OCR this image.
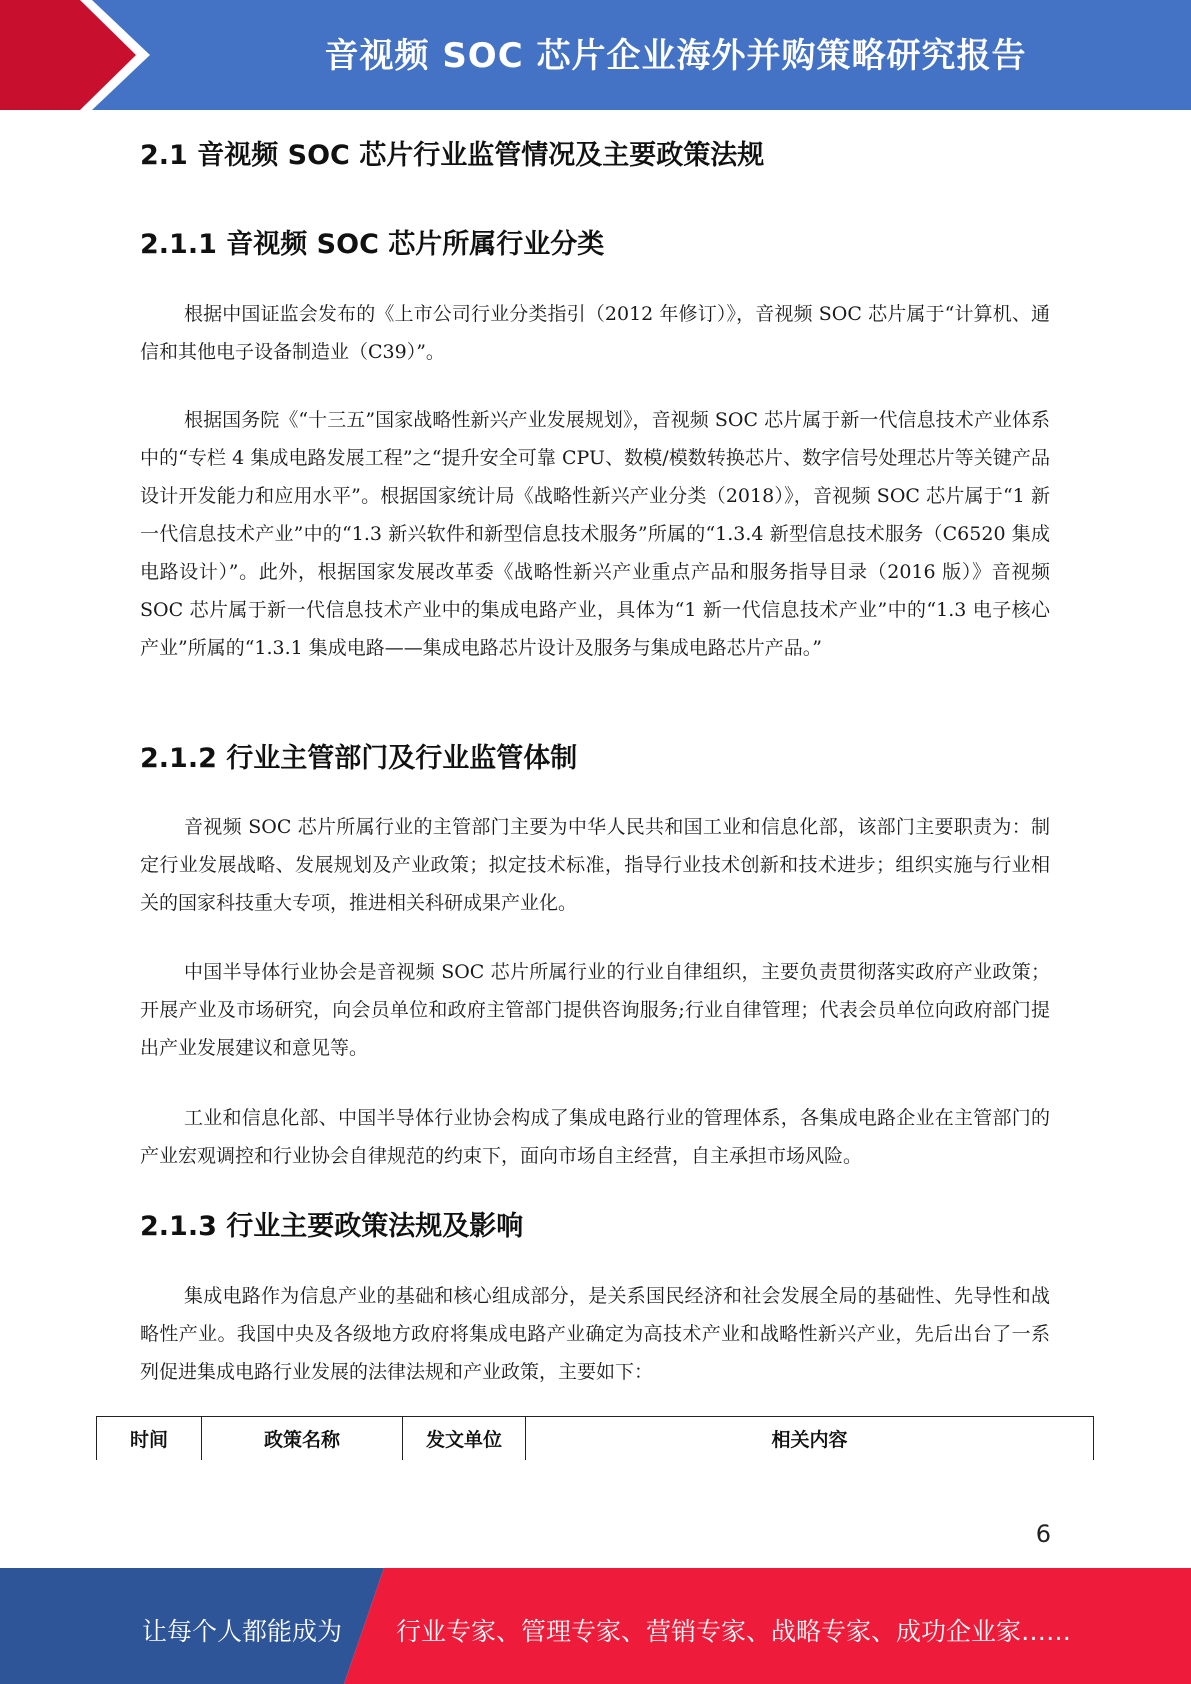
音视频 SOC 芯片企业海外并购策略研究报告
2.1 音视频 SOC 芯片行业监管情况及主要政策法规
2.1.1 音视频 SOC 芯片所属行业分类
根据中国证监会发布的《上市公司行业分类指引（2012 年修订）》，音视频 SOC 芯片属于“计算机、通信和其他电子设备制造业（C39）”。
根据国务院《“十三五”国家战略性新兴产业发展规划》，音视频 SOC 芯片属于新一代信息技术产业体系中的“专栏 4 集成电路发展工程”之“提升安全可靠 CPU、数模/模数转换芯片、数字信号处理芯片等关键产品设计开发能力和应用水平”。根据国家统计局《战略性新兴产业分类（2018）》，音视频 SOC 芯片属于“1 新一代信息技术产业”中的“1.3 新兴软件和新型信息技术服务”所属的“1.3.4 新型信息技术服务（C6520 集成电路设计）”。此外，根据国家发展改革委《战略性新兴产业重点产品和服务指导目录（2016 版）》音视频 SOC 芯片属于新一代信息技术产业中的集成电路产业，具体为“1 新一代信息技术产业”中的“1.3 电子核心产业”所属的“1.3.1 集成电路——集成电路芯片设计及服务与集成电路芯片产品。”
2.1.2 行业主管部门及行业监管体制
音视频 SOC 芯片所属行业的主管部门主要为中华人民共和国工业和信息化部，该部门主要职责为：制定行业发展战略、发展规划及产业政策；拟定技术标准，指导行业技术创新和技术进步；组织实施与行业相关的国家科技重大专项，推进相关科研成果产业化。
中国半导体行业协会是音视频 SOC 芯片所属行业的行业自律组织，主要负责贯彻落实政府产业政策；开展产业及市场研究，向会员单位和政府主管部门提供咨询服务;行业自律管理；代表会员单位向政府部门提出产业发展建议和意见等。
工业和信息化部、中国半导体行业协会构成了集成电路行业的管理体系，各集成电路企业在主管部门的产业宏观调控和行业协会自律规范的约束下，面向市场自主经营，自主承担市场风险。
2.1.3 行业主要政策法规及影响
集成电路作为信息产业的基础和核心组成部分，是关系国民经济和社会发展全局的基础性、先导性和战略性产业。我国中央及各级地方政府将集成电路产业确定为高技术产业和战略性新兴产业，先后出台了一系列促进集成电路行业发展的法律法规和产业政策，主要如下：
时间	政策名称	发文单位	相关内容
6
让每个人都能成为 行业专家、管理专家、营销专家、战略专家、成功企业家……
